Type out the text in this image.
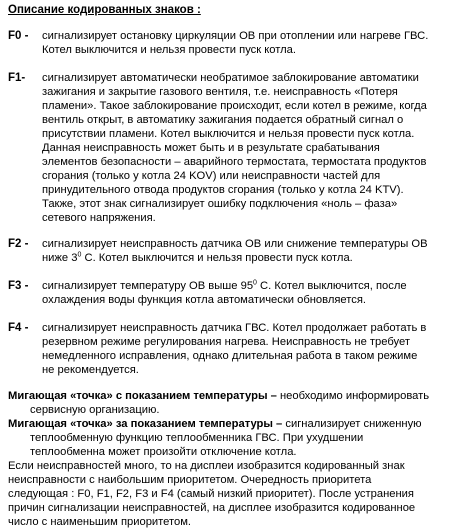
Описание кодированных знаков :
F0 - сигнализирует остановку циркуляции ОВ при отоплении или нагреве ГВС.
Котел выключится и нельзя провести пуск котла.
F1- сигнализирует автоматически необратимое заблокирование автоматики
зажигания и закрытие газового вентиля, т.е. неисправность «Потеря
пламени». Такое заблокирование происходит, если котел в режиме, когда
вентиль открыт, в автоматику зажигания подается обратный сигнал о
присутствии пламени. Котел выключится и нельзя провести пуск котла.
Данная неисправность может быть и в результате срабатывания
элементов безопасности – аварийного термостата, термостата продуктов
сгорания (только у котла 24 KOV) или неисправности частей для
принудительного отвода продуктов сгорания (только у котла 24 KTV).
Также, этот знак сигнализирует ошибку подключения «ноль – фаза»
сетевого напряжения.
F2 - сигнализирует неисправность датчика ОВ или снижение температуры ОВ
ниже $3^0$ С. Котел выключится и нельзя провести пуск котла.
F3 - сигнализирует температуру ОВ выше $95^0$ С. Котел выключится, после
охлаждения воды функция котла автоматически обновляется.
F4 - сигнализирует неисправность датчика ГВС. Котел продолжает работать в
резервном режиме регулирования нагрева. Неисправность не требует
немедленного исправления, однако длительная работа в таком режиме
не рекомендуется.
Мигающая «точка» с показанием температуры – необходимо информировать
сервисную организацию.
Мигающая «точка» за показанием температуры – сигнализирует сниженную
теплообменную функцию теплообменника ГВС. При ухудшении
теплообменна может произойти отключение котла.
Если неисправностей много, то на дисплеи изобразится кодированный знак
неисправности с наибольшим приоритетом. Очередность приоритета
следующая : F0, F1, F2, F3 и F4 (самый низкий приоритет). После устранения
причин сигнализации неисправностей, на дисплее изобразится кодированное
число с наименьшим приоритетом.
